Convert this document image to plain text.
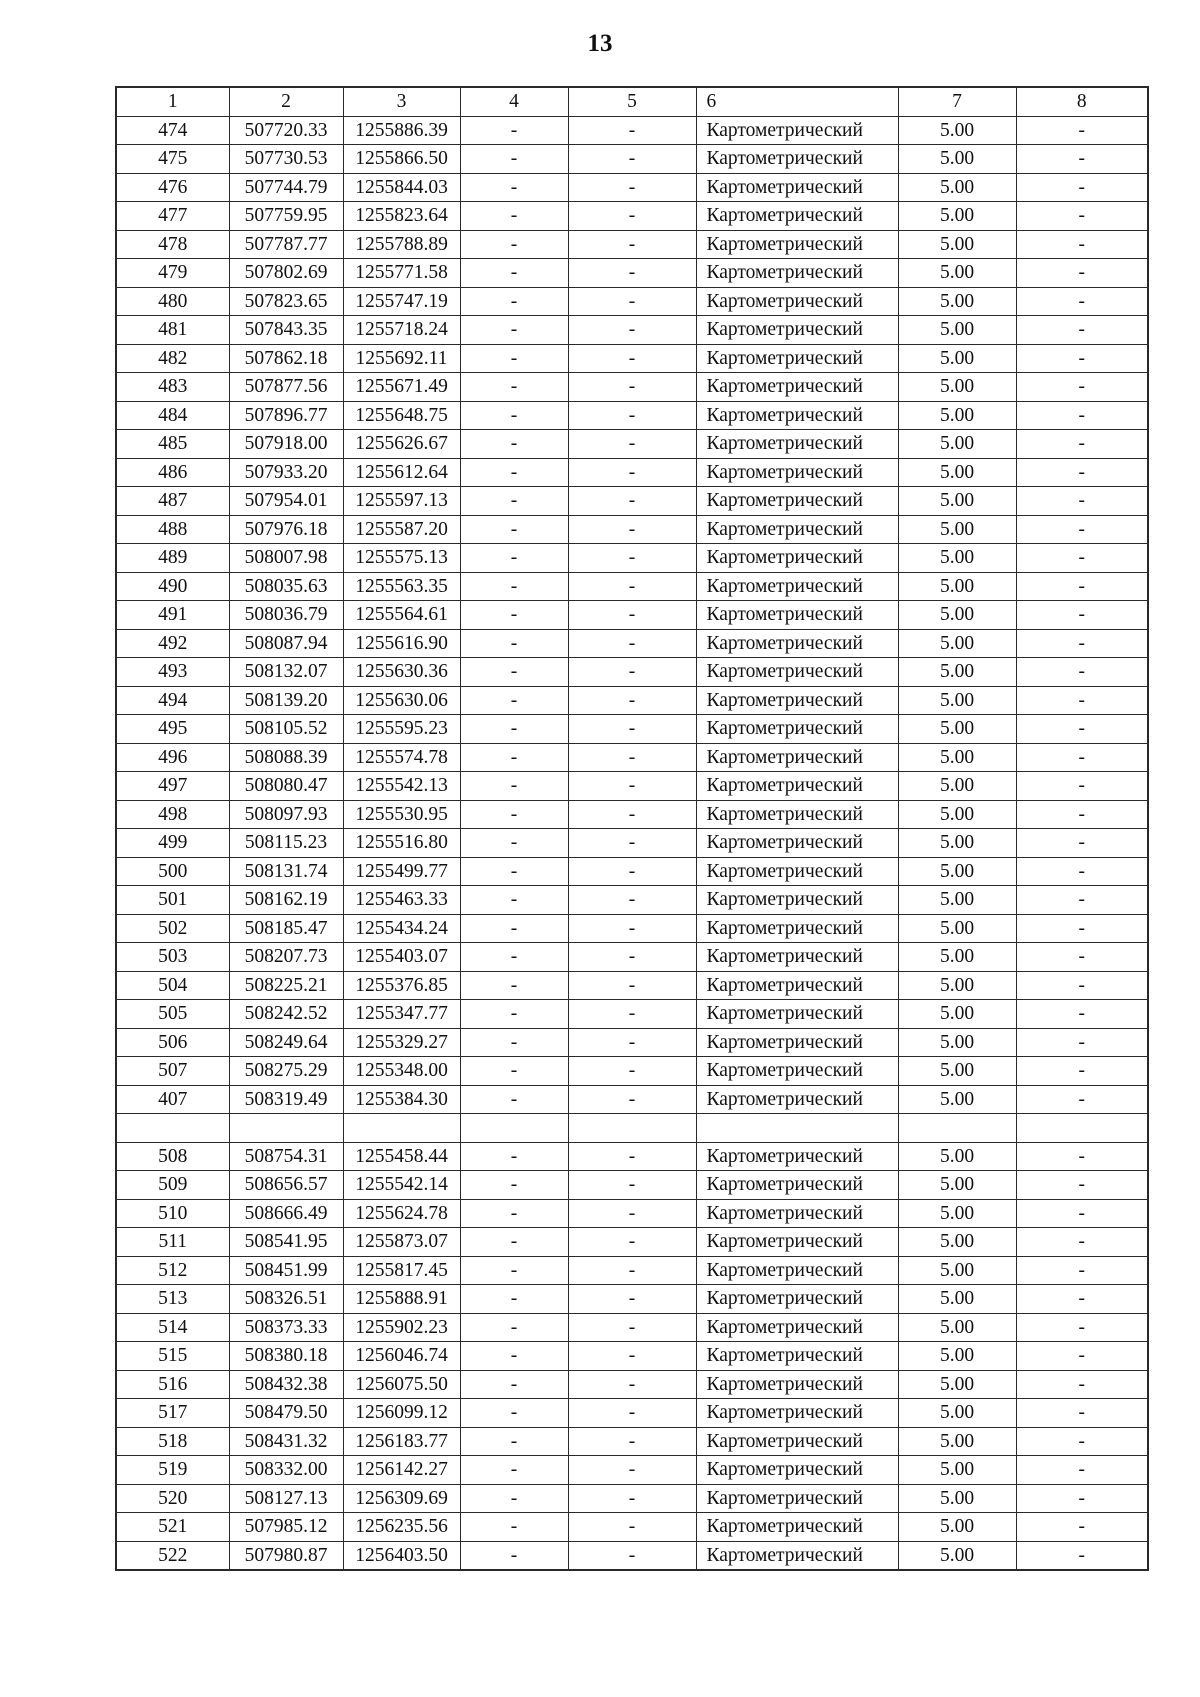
13
1	2	3	4	5	6	7	8
474	507720.33	1255886.39	-	-	Картометрический	5.00	-
475	507730.53	1255866.50	-	-	Картометрический	5.00	-
476	507744.79	1255844.03	-	-	Картометрический	5.00	-
477	507759.95	1255823.64	-	-	Картометрический	5.00	-
478	507787.77	1255788.89	-	-	Картометрический	5.00	-
479	507802.69	1255771.58	-	-	Картометрический	5.00	-
480	507823.65	1255747.19	-	-	Картометрический	5.00	-
481	507843.35	1255718.24	-	-	Картометрический	5.00	-
482	507862.18	1255692.11	-	-	Картометрический	5.00	-
483	507877.56	1255671.49	-	-	Картометрический	5.00	-
484	507896.77	1255648.75	-	-	Картометрический	5.00	-
485	507918.00	1255626.67	-	-	Картометрический	5.00	-
486	507933.20	1255612.64	-	-	Картометрический	5.00	-
487	507954.01	1255597.13	-	-	Картометрический	5.00	-
488	507976.18	1255587.20	-	-	Картометрический	5.00	-
489	508007.98	1255575.13	-	-	Картометрический	5.00	-
490	508035.63	1255563.35	-	-	Картометрический	5.00	-
491	508036.79	1255564.61	-	-	Картометрический	5.00	-
492	508087.94	1255616.90	-	-	Картометрический	5.00	-
493	508132.07	1255630.36	-	-	Картометрический	5.00	-
494	508139.20	1255630.06	-	-	Картометрический	5.00	-
495	508105.52	1255595.23	-	-	Картометрический	5.00	-
496	508088.39	1255574.78	-	-	Картометрический	5.00	-
497	508080.47	1255542.13	-	-	Картометрический	5.00	-
498	508097.93	1255530.95	-	-	Картометрический	5.00	-
499	508115.23	1255516.80	-	-	Картометрический	5.00	-
500	508131.74	1255499.77	-	-	Картометрический	5.00	-
501	508162.19	1255463.33	-	-	Картометрический	5.00	-
502	508185.47	1255434.24	-	-	Картометрический	5.00	-
503	508207.73	1255403.07	-	-	Картометрический	5.00	-
504	508225.21	1255376.85	-	-	Картометрический	5.00	-
505	508242.52	1255347.77	-	-	Картометрический	5.00	-
506	508249.64	1255329.27	-	-	Картометрический	5.00	-
507	508275.29	1255348.00	-	-	Картометрический	5.00	-
407	508319.49	1255384.30	-	-	Картометрический	5.00	-

508	508754.31	1255458.44	-	-	Картометрический	5.00	-
509	508656.57	1255542.14	-	-	Картометрический	5.00	-
510	508666.49	1255624.78	-	-	Картометрический	5.00	-
511	508541.95	1255873.07	-	-	Картометрический	5.00	-
512	508451.99	1255817.45	-	-	Картометрический	5.00	-
513	508326.51	1255888.91	-	-	Картометрический	5.00	-
514	508373.33	1255902.23	-	-	Картометрический	5.00	-
515	508380.18	1256046.74	-	-	Картометрический	5.00	-
516	508432.38	1256075.50	-	-	Картометрический	5.00	-
517	508479.50	1256099.12	-	-	Картометрический	5.00	-
518	508431.32	1256183.77	-	-	Картометрический	5.00	-
519	508332.00	1256142.27	-	-	Картометрический	5.00	-
520	508127.13	1256309.69	-	-	Картометрический	5.00	-
521	507985.12	1256235.56	-	-	Картометрический	5.00	-
522	507980.87	1256403.50	-	-	Картометрический	5.00	-
